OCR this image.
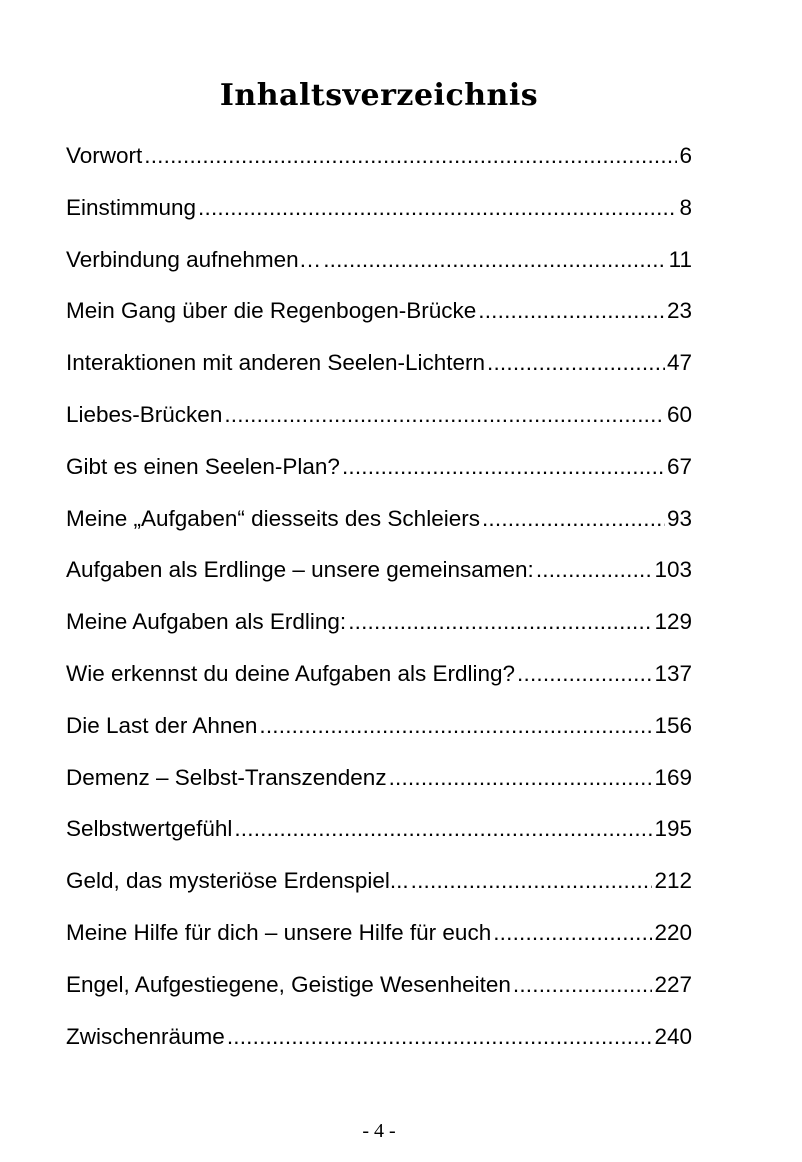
Inhaltsverzeichnis
Vorwort .....	6
Einstimmung .....	8
Verbindung aufnehmen… .....	11
Mein Gang über die Regenbogen-Brücke .....	23
Interaktionen mit anderen Seelen-Lichtern .....	47
Liebes-Brücken .....	60
Gibt es einen Seelen-Plan? .....	67
Meine „Aufgaben“ diesseits des Schleiers .....	93
Aufgaben als Erdlinge – unsere gemeinsamen: .....	103
Meine Aufgaben als Erdling: .....	129
Wie erkennst du deine Aufgaben als Erdling? .....	137
Die Last der Ahnen .....	156
Demenz – Selbst-Transzendenz .....	169
Selbstwertgefühl .....	195
Geld, das mysteriöse Erdenspiel... .....	212
Meine Hilfe für dich – unsere Hilfe für euch .....	220
Engel, Aufgestiegene, Geistige Wesenheiten .....	227
Zwischenräume .....	240

- 4 -
